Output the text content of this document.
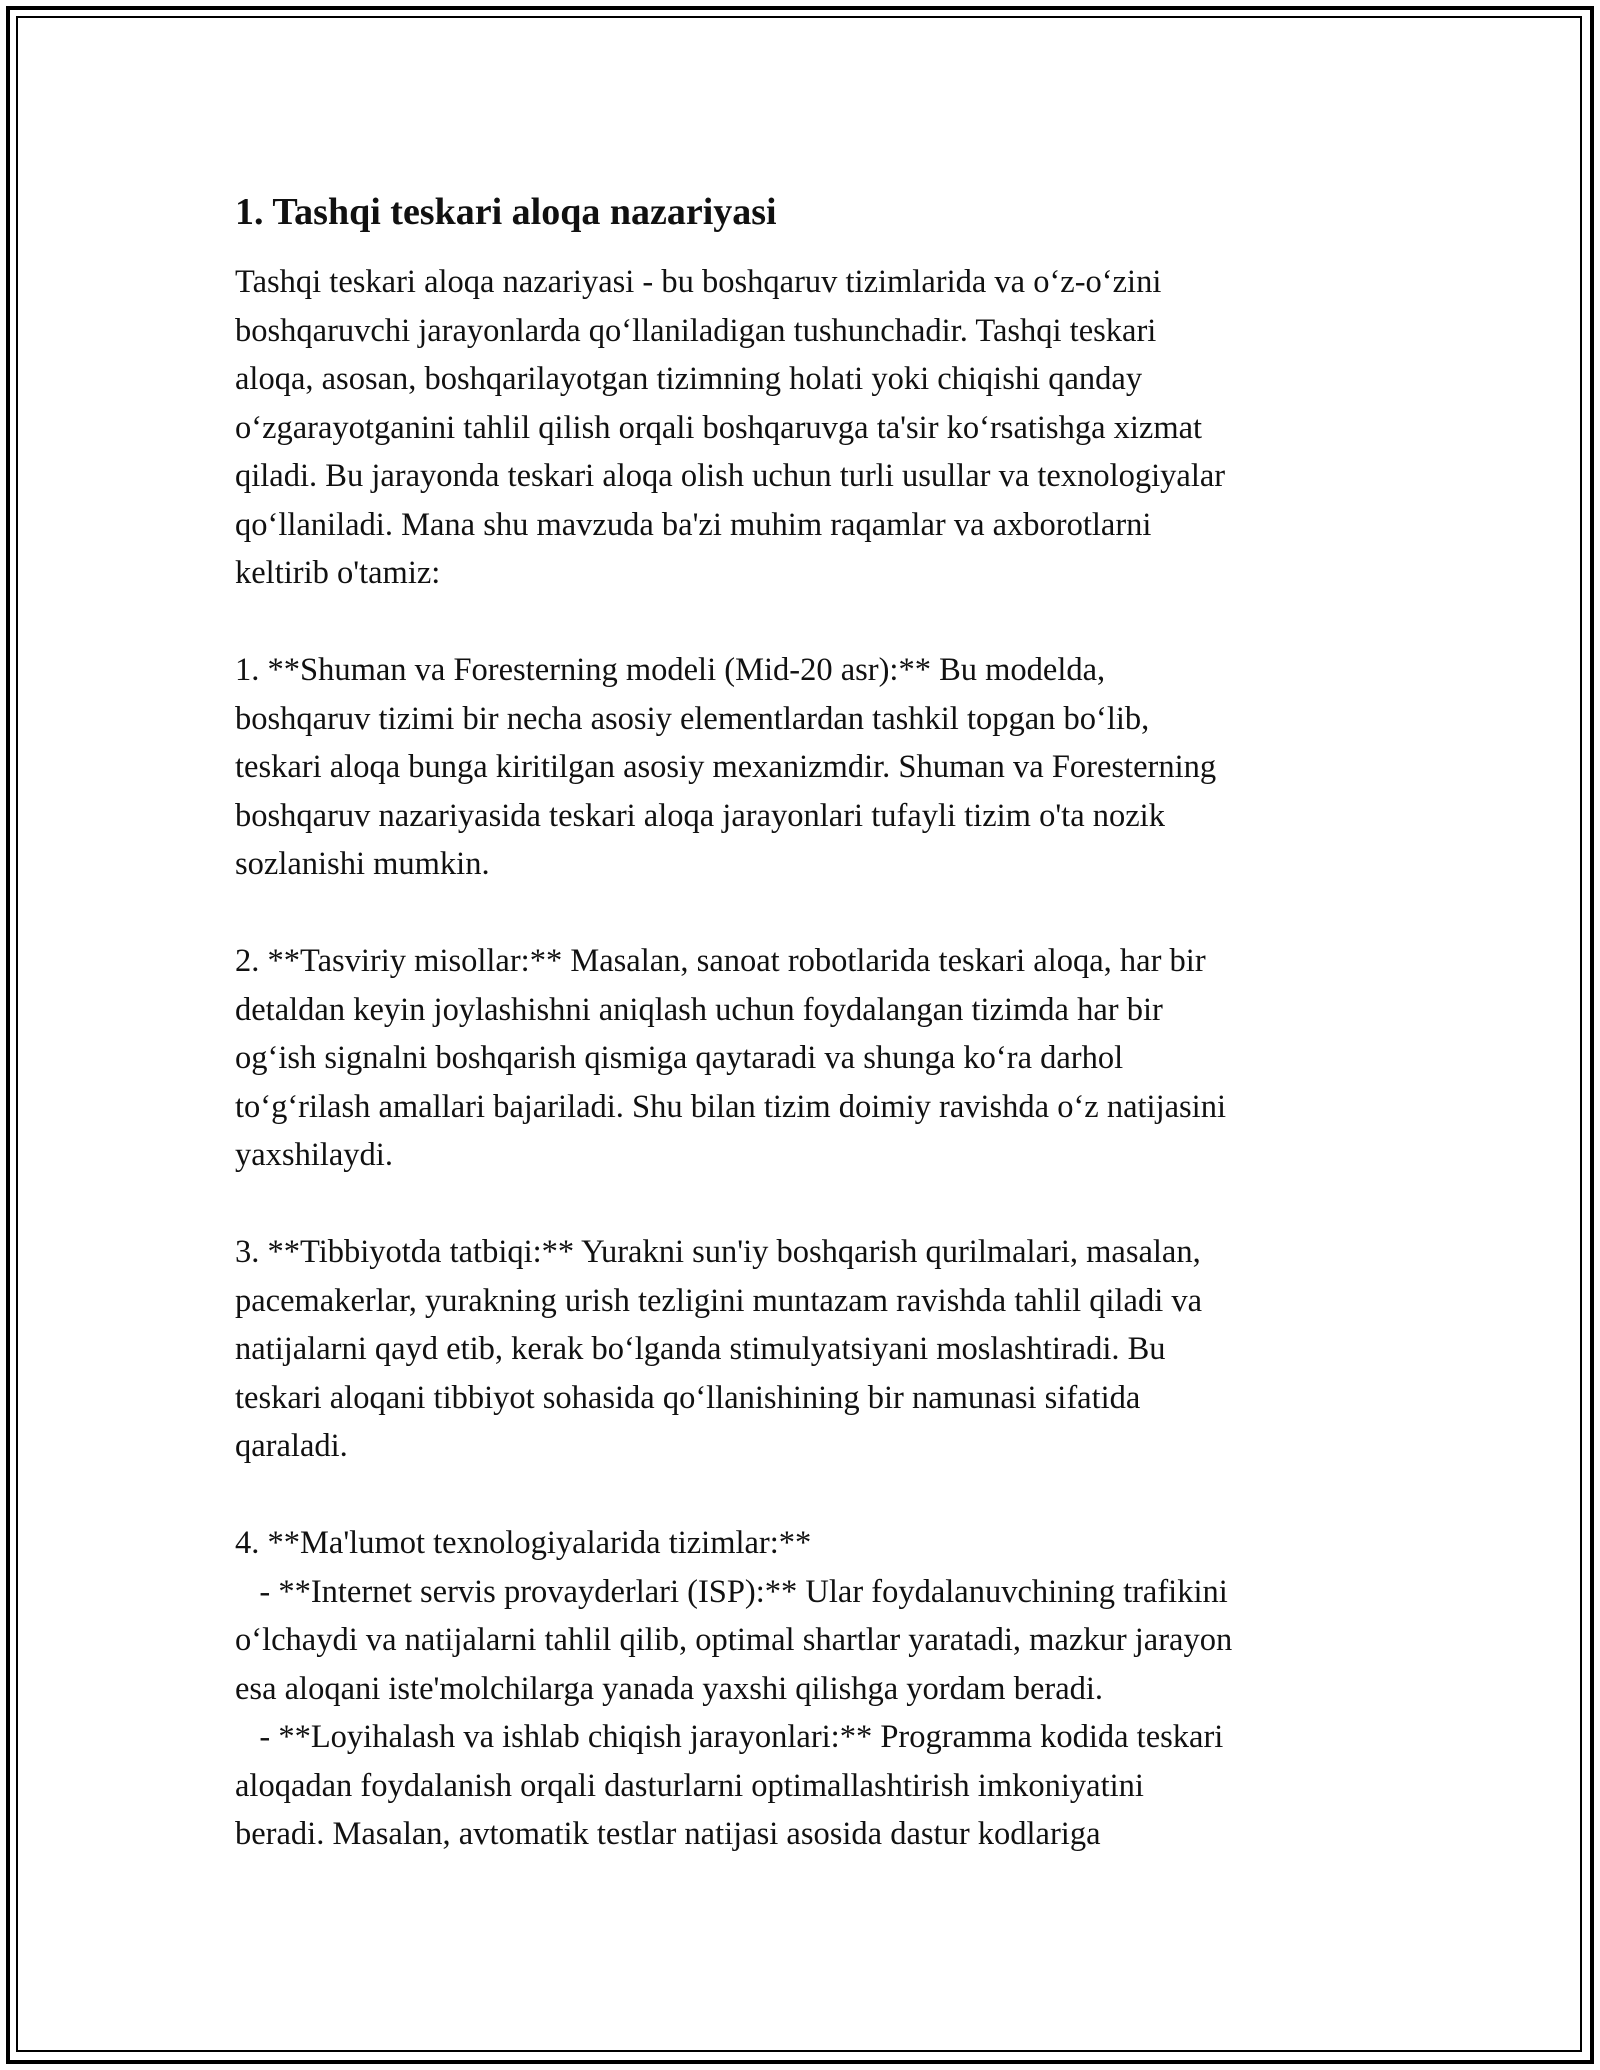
1. Tashqi teskari aloqa nazariyasi
Tashqi teskari aloqa nazariyasi - bu boshqaruv tizimlarida va o‘z-o‘zini
boshqaruvchi jarayonlarda qo‘llaniladigan tushunchadir. Tashqi teskari
aloqa, asosan, boshqarilayotgan tizimning holati yoki chiqishi qanday
o‘zgarayotganini tahlil qilish orqali boshqaruvga ta'sir ko‘rsatishga xizmat
qiladi. Bu jarayonda teskari aloqa olish uchun turli usullar va texnologiyalar
qo‘llaniladi. Mana shu mavzuda ba'zi muhim raqamlar va axborotlarni
keltirib o'tamiz:
1. **Shuman va Foresterning modeli (Mid-20 asr):** Bu modelda,
boshqaruv tizimi bir necha asosiy elementlardan tashkil topgan bo‘lib,
teskari aloqa bunga kiritilgan asosiy mexanizmdir. Shuman va Foresterning
boshqaruv nazariyasida teskari aloqa jarayonlari tufayli tizim o'ta nozik
sozlanishi mumkin.
2. **Tasviriy misollar:** Masalan, sanoat robotlarida teskari aloqa, har bir
detaldan keyin joylashishni aniqlash uchun foydalangan tizimda har bir
og‘ish signalni boshqarish qismiga qaytaradi va shunga ko‘ra darhol
to‘g‘rilash amallari bajariladi. Shu bilan tizim doimiy ravishda o‘z natijasini
yaxshilaydi.
3. **Tibbiyotda tatbiqi:** Yurakni sun'iy boshqarish qurilmalari, masalan,
pacemakerlar, yurakning urish tezligini muntazam ravishda tahlil qiladi va
natijalarni qayd etib, kerak bo‘lganda stimulyatsiyani moslashtiradi. Bu
teskari aloqani tibbiyot sohasida qo‘llanishining bir namunasi sifatida
qaraladi.
4. **Ma'lumot texnologiyalarida tizimlar:**
- **Internet servis provayderlari (ISP):** Ular foydalanuvchining trafikini
o‘lchaydi va natijalarni tahlil qilib, optimal shartlar yaratadi, mazkur jarayon
esa aloqani iste'molchilarga yanada yaxshi qilishga yordam beradi.
- **Loyihalash va ishlab chiqish jarayonlari:** Programma kodida teskari
aloqadan foydalanish orqali dasturlarni optimallashtirish imkoniyatini
beradi. Masalan, avtomatik testlar natijasi asosida dastur kodlariga
